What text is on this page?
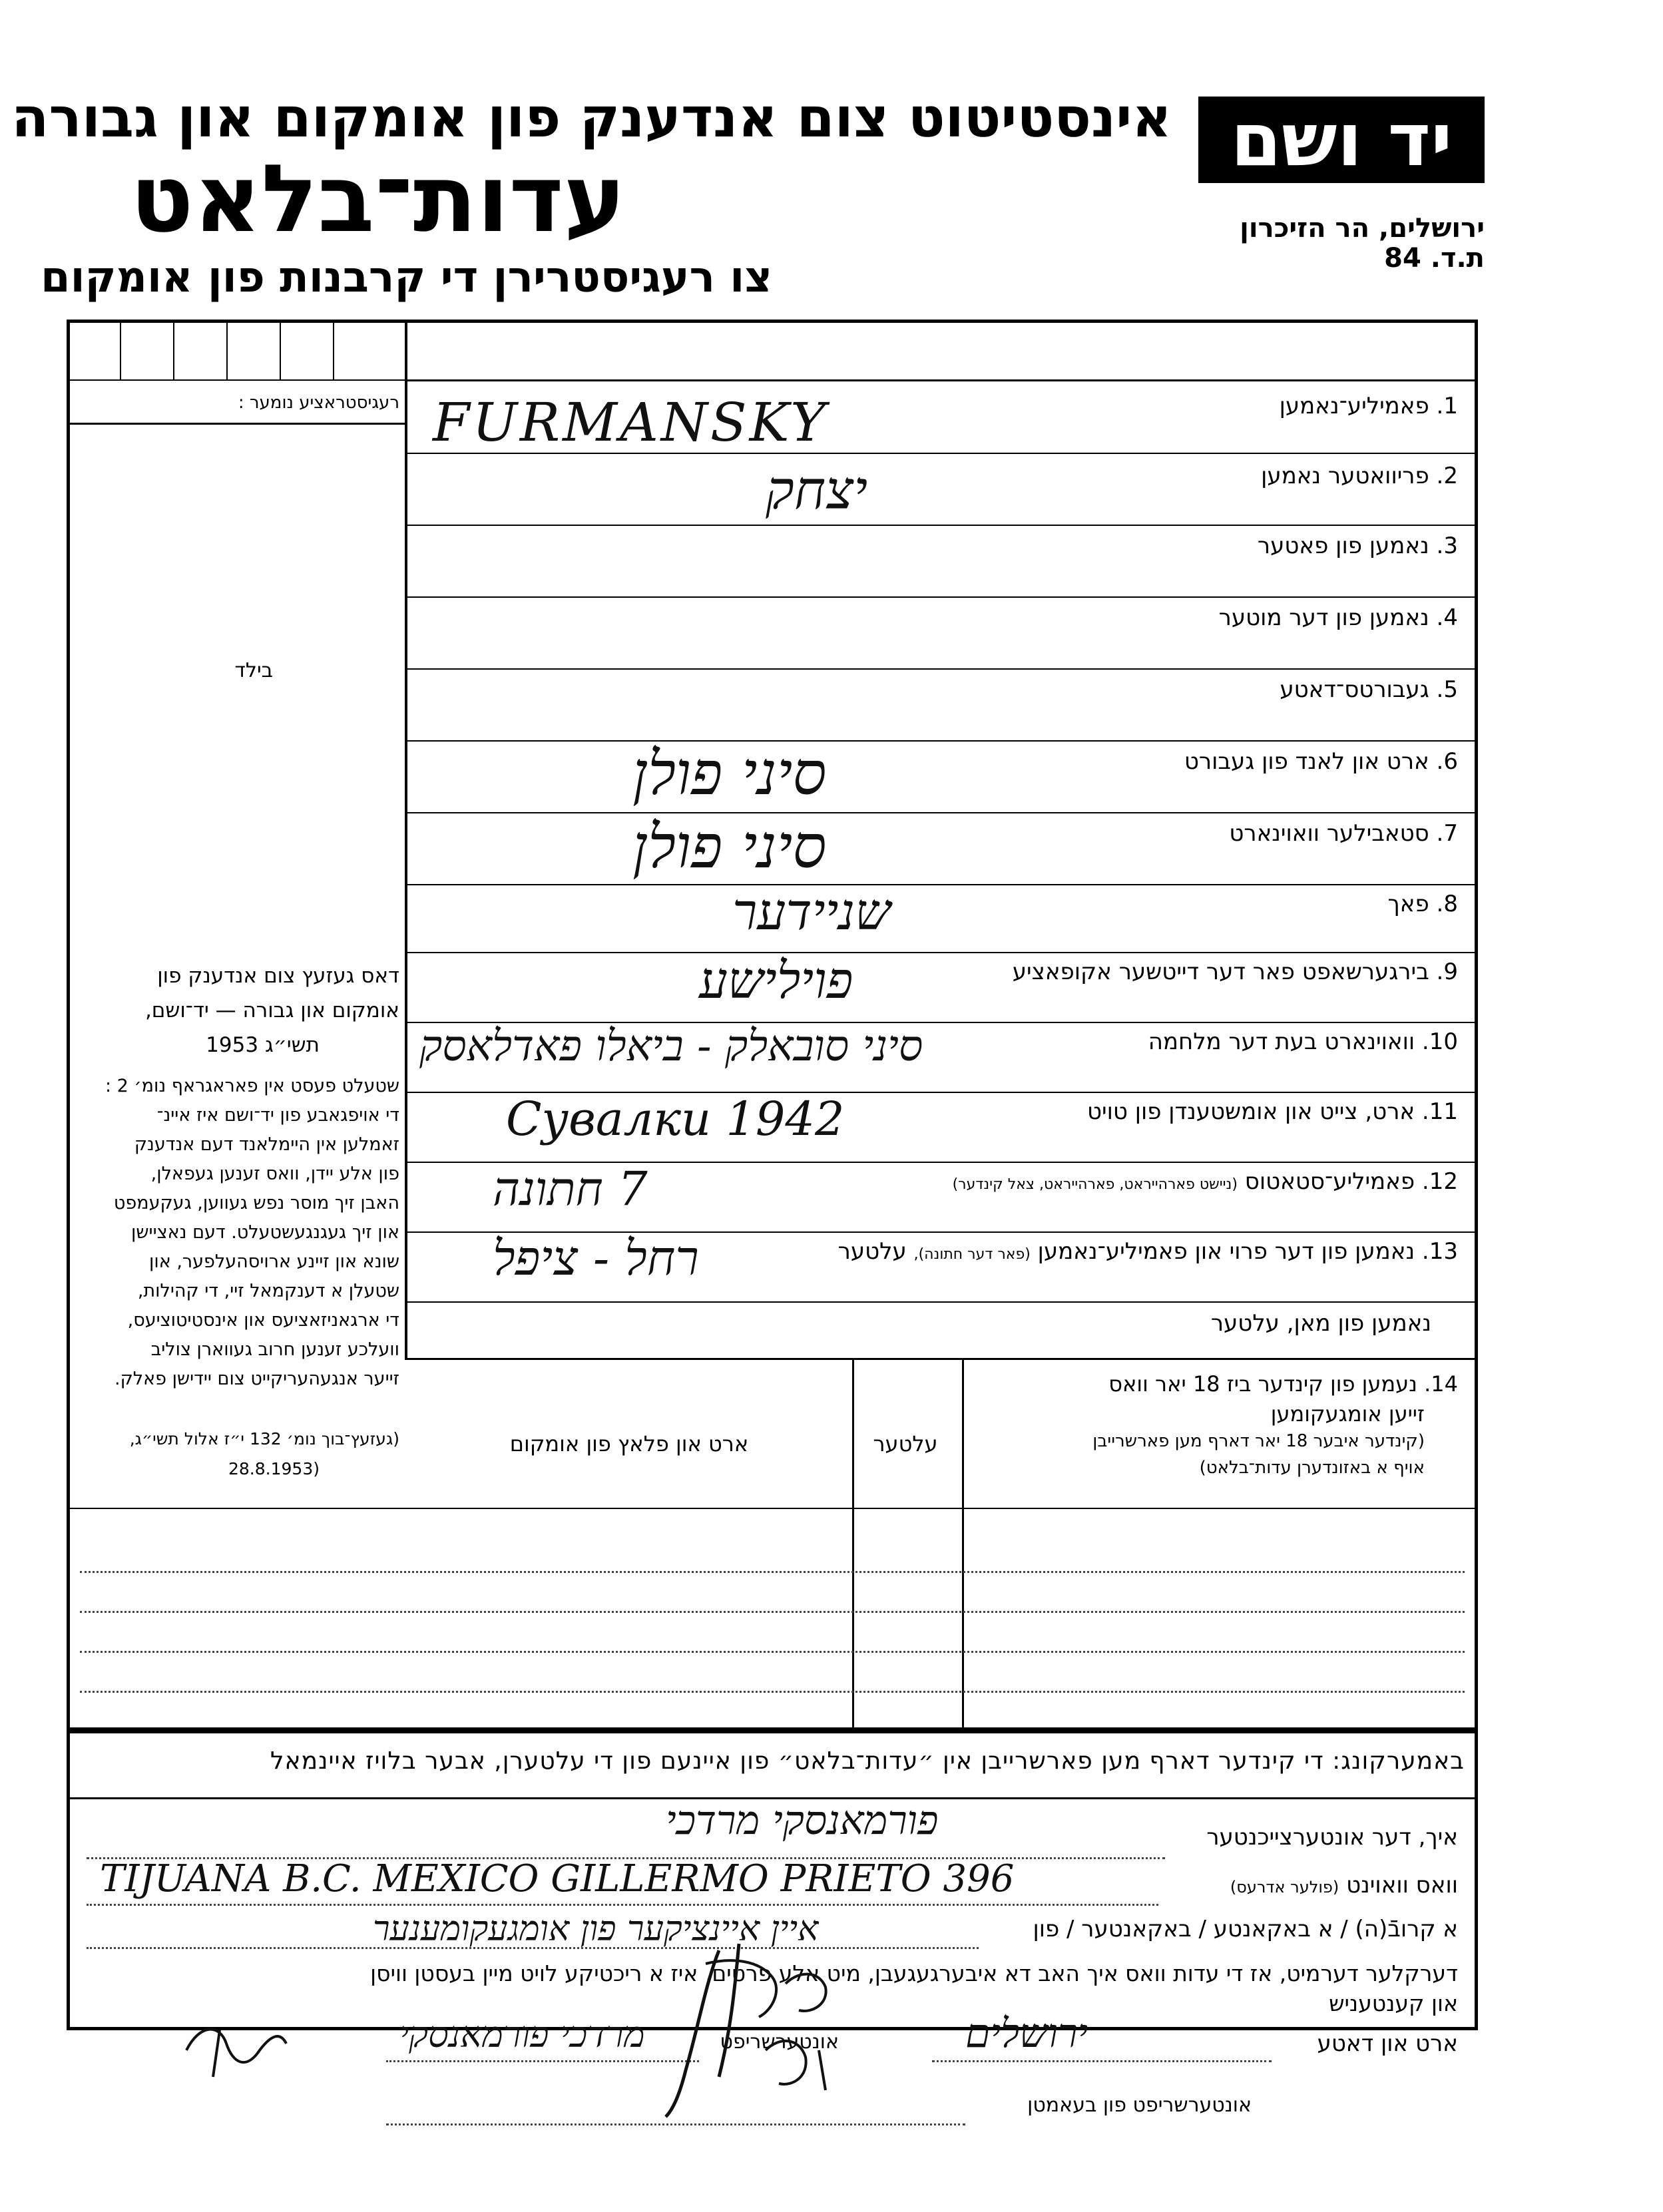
אינסטיטוט צום אנדענק פון אומקום און גבורה
עדות־בלאט
צו רעגיסטרירן די קרבנות פון אומקום
יד ושם
ירושלים, הר הזיכרון
ת.ד. 84
רעגיסטראציע נומער :
בילד
דאס געזעץ צום אנדענק פון
אומקום און גבורה — יד־ושם,
תשי״ג 1953
שטעלט פעסט אין פאראגראף נומ׳ 2 :
די אויפגאבע פון יד־ושם איז איינ־
זאמלען אין היימלאנד דעם אנדענק
פון אלע יידן, וואס זענען געפאלן,
האבן זיך מוסר נפש געווען, געקעמפט
און זיך געגנגעשטעלט. דעם נאציישן
שונא און זיינע ארויסהעלפער, און
שטעלן א דענקמאל זיי, די קהילות,
די ארגאניזאציעס און אינסטיטוציעס,
וועלכע זענען חרוב געווארן צוליב
זייער אנגעהעריקייט צום יידישן פאלק.
(געזעץ־בוך נומ׳ 132 י״ז אלול תשי״ג,
(28.8.1953
1. פאמיליע־נאמען
2. פריוואטער נאמען
3. נאמען פון פאטער
4. נאמען פון דער מוטער
5. געבורטס־דאטע
6. ארט און לאנד פון געבורט
7. סטאבילער וואוינארט
8. פאך
9. בירגערשאפט פאר דער דייטשער אקופאציע
10. וואוינארט בעת דער מלחמה
11. ארט, צייט און אומשטענדן פון טויט
12. פאמיליע־סטאטוס (ניישט פארהייראט, פארהייראט, צאל קינדער)
13. נאמען פון דער פרוי און פאמיליע־נאמען (פאר דער חתונה), עלטער
נאמען פון מאן, עלטער
FURMANSKY
יצחק
סיני פולן
סיני פולן
שניידער
פוילישע
סיני סובאלק - ביאלו פאדלאסק
Сувалки 1942
7 חתונה
רחל - ציפל
14. נעמען פון קינדער ביז 18 יאר וואס
זייען אומגעקומען
(קינדער איבער 18 יאר דארף מען פארשרייבן
אויף א באזונדערן עדות־בלאט)
עלטער
ארט און פלאץ פון אומקום
באמערקונג: די קינדער דארף מען פארשרייבן אין ״עדות־בלאט״ פון איינעם פון די עלטערן, אבער בלויז איינמאל
איך, דער אונטערצייכנטער
פורמאנסקי מרדכי
וואס וואוינט (פולער אדרעס)
TIJUANA B.C. MEXICO GILLERMO PRIETO 396
א קרובֿ(ה) / א באקאנטע / באקאנטער / פון
איין איינציקער פון אומגעקומענער
דערקלער דערמיט, אז די עדות וואס איך האב דא איבערגעגעבן, מיט אלע פרטים, איז א ריכטיקע לויט מיין בעסטן וויסן
און קענטעניש
ארט און דאטע
ירושלים
אונטערשריפט
מרדכי פורמאנסקי
אונטערשריפט פון בעאמטן
